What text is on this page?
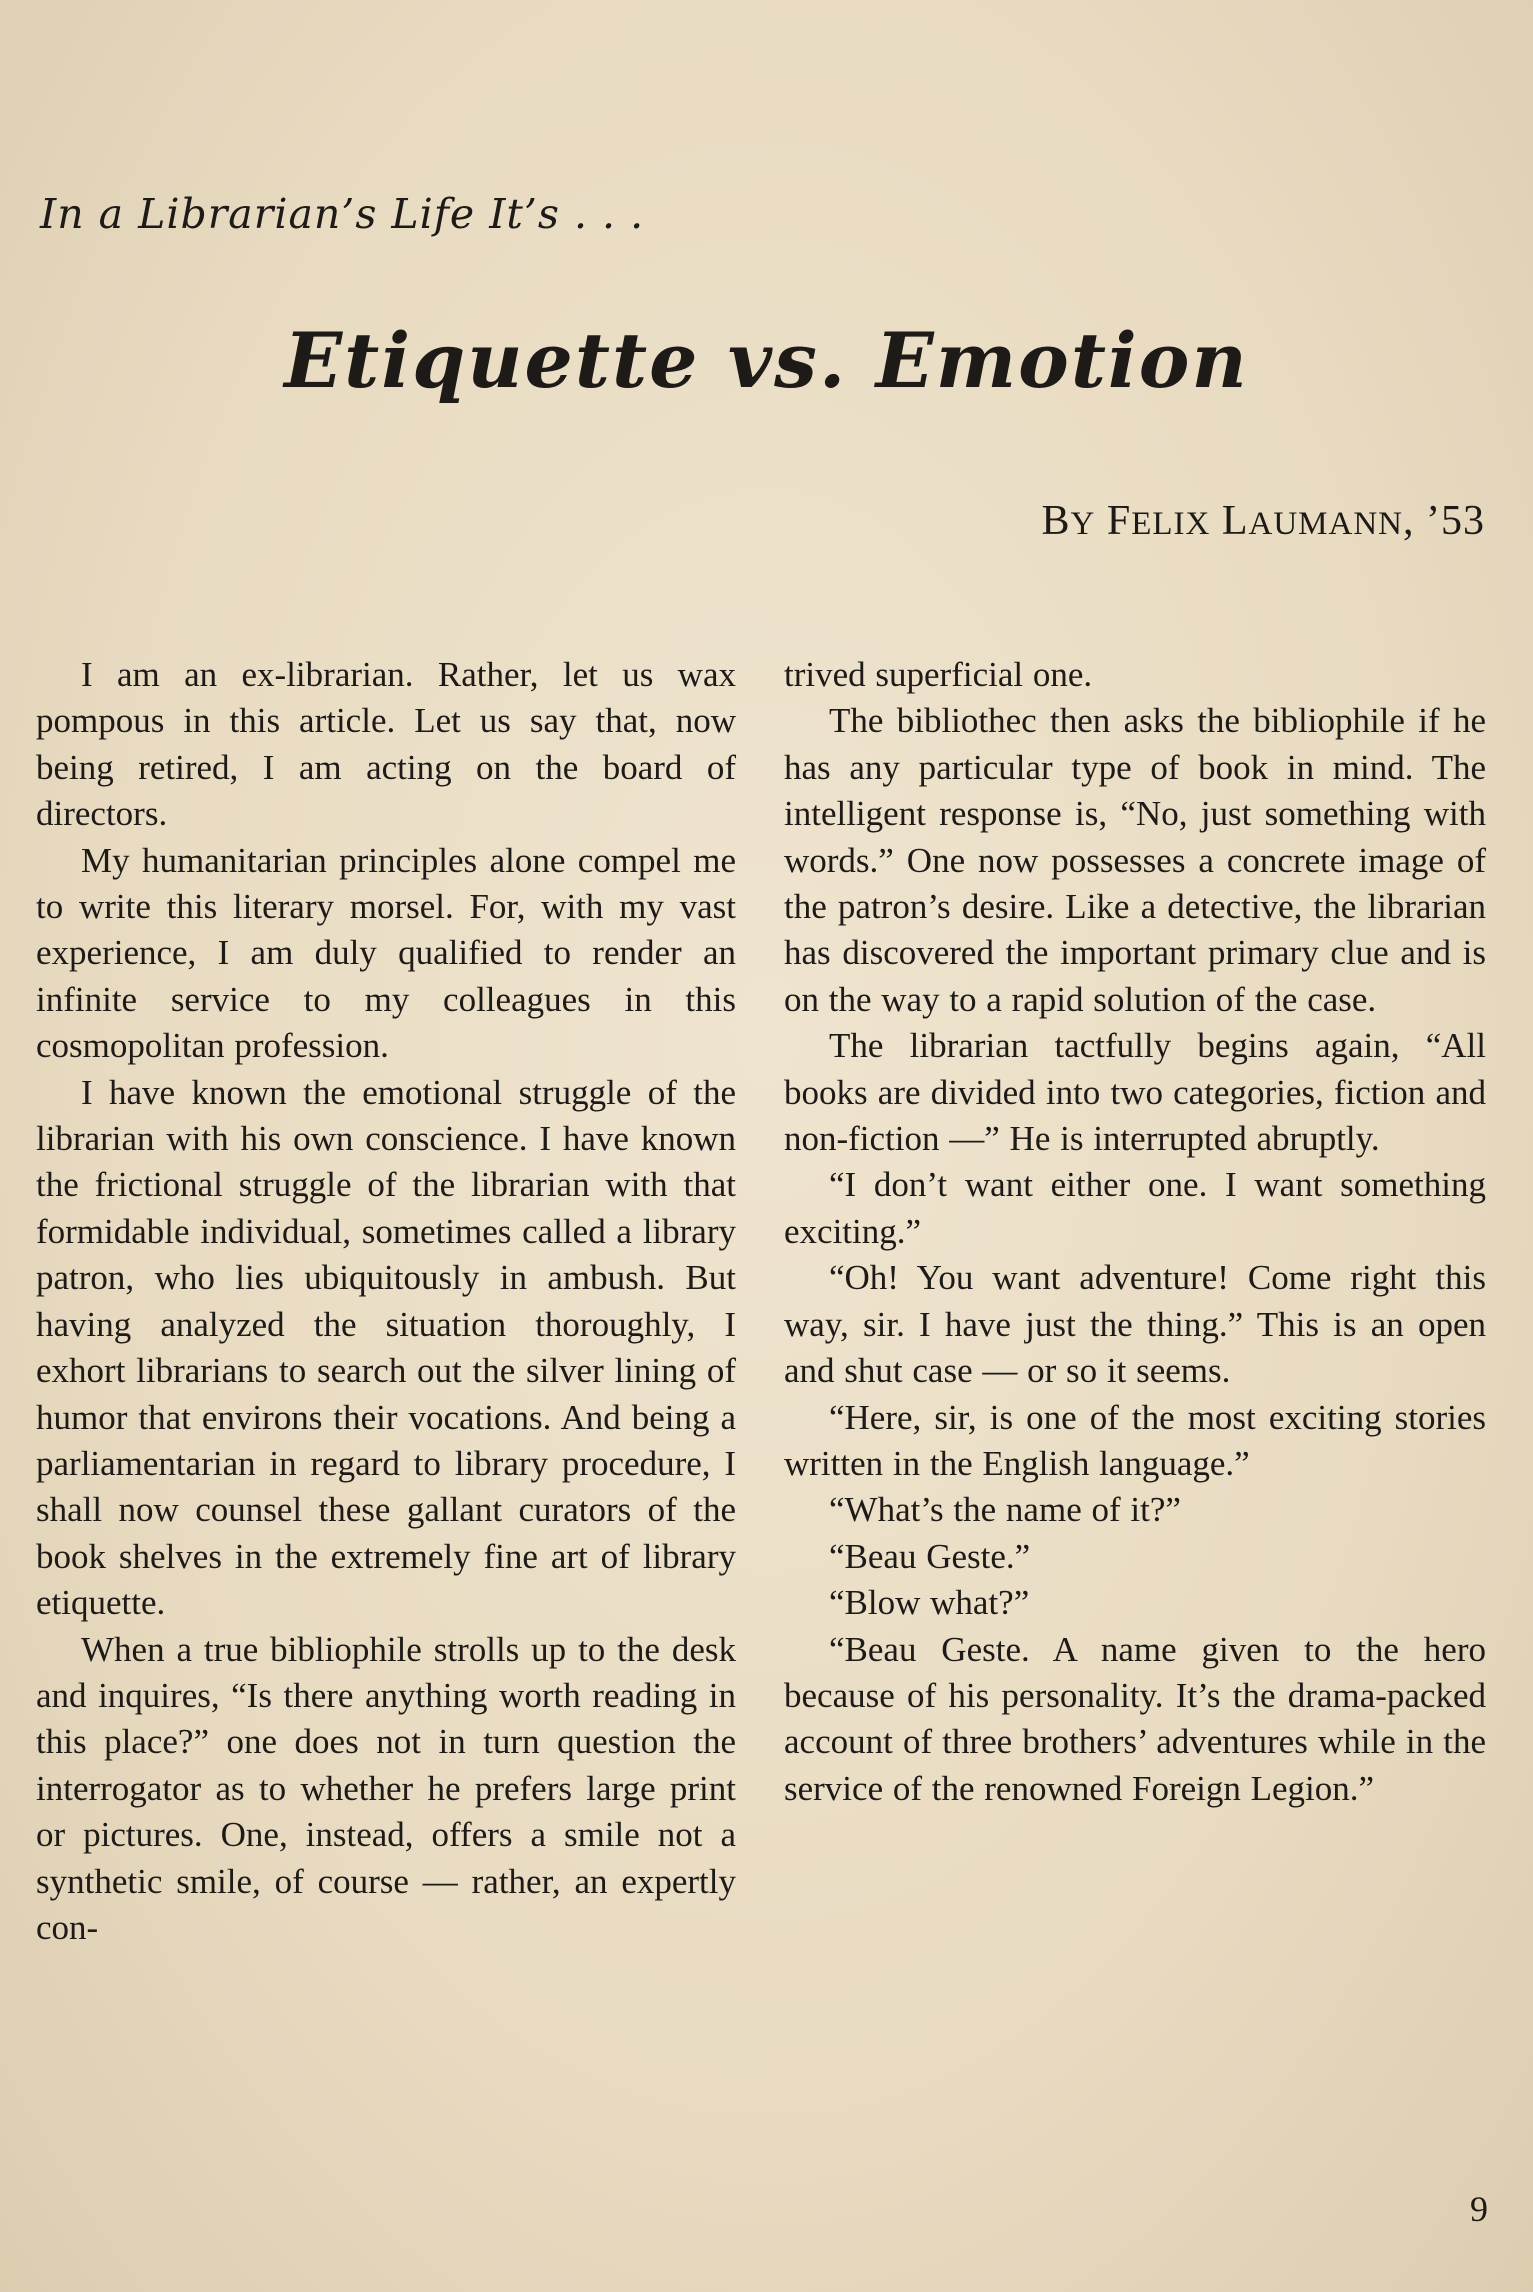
In a Librarian’s Life It’s . . .
Etiquette vs. Emotion
BY FELIX LAUMANN, ’53

I am an ex-librarian. Rather, let us wax pompous in this article. Let us say that, now being retired, I am acting on the board of directors.

My humanitarian principles alone compel me to write this literary morsel. For, with my vast experience, I am duly qualified to render an infinite service to my colleagues in this cosmopolitan profession.

I have known the emotional struggle of the librarian with his own conscience. I have known the frictional struggle of the librarian with that formidable individual, sometimes called a library patron, who lies ubiquitously in ambush. But having analyzed the situation thoroughly, I exhort librarians to search out the silver lining of humor that environs their vocations. And being a parliamentarian in regard to library procedure, I shall now counsel these gallant curators of the book shelves in the extremely fine art of library etiquette.

When a true bibliophile strolls up to the desk and inquires, “Is there anything worth reading in this place?” one does not in turn question the interrogator as to whether he prefers large print or pictures. One, instead, offers a smile not a synthetic smile, of course — rather, an expertly con-

trived superficial one.

The bibliothec then asks the bibliophile if he has any particular type of book in mind. The intelligent response is, “No, just something with words.” One now possesses a concrete image of the patron’s desire. Like a detective, the librarian has discovered the important primary clue and is on the way to a rapid solution of the case.

The librarian tactfully begins again, “All books are divided into two categories, fiction and non-fiction —” He is interrupted abruptly.

“I don’t want either one. I want something exciting.”

“Oh! You want adventure! Come right this way, sir. I have just the thing.” This is an open and shut case — or so it seems.

“Here, sir, is one of the most exciting stories written in the English language.”

“What’s the name of it?”

“Beau Geste.”

“Blow what?”

“Beau Geste. A name given to the hero because of his personality. It’s the drama-packed account of three brothers’ adventures while in the service of the renowned Foreign Legion.”

9
